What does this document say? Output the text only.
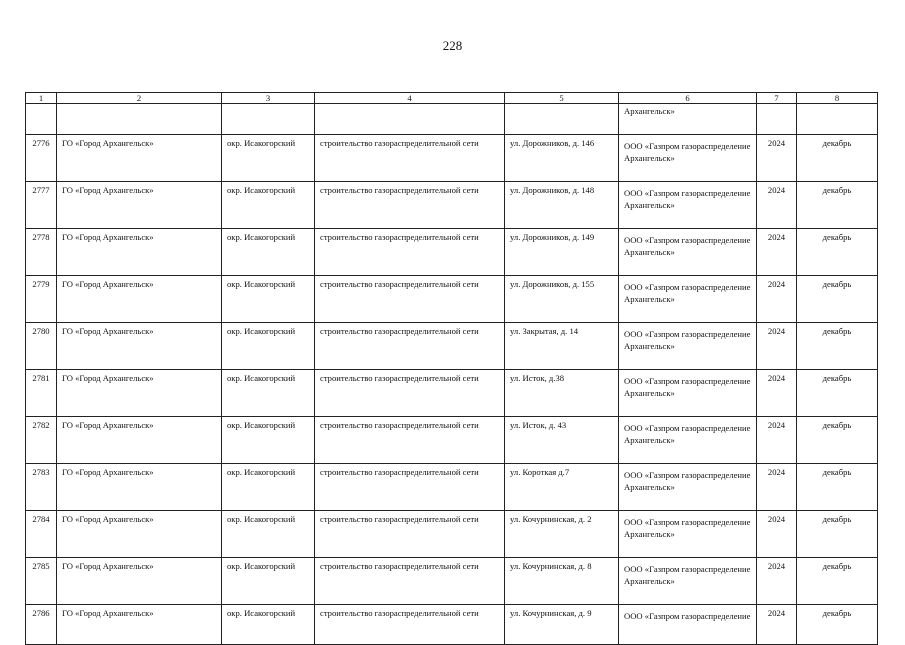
228
1	2	3	4	5	6	7	8
					Архангельск»		
2776	ГО «Город Архангельск»	окр. Исакогорский	строительство газораспределительной сети	ул. Дорожников, д. 146	ООО «Газпром газораспределение Архангельск»	2024	декабрь
2777	ГО «Город Архангельск»	окр. Исакогорский	строительство газораспределительной сети	ул. Дорожников, д. 148	ООО «Газпром газораспределение Архангельск»	2024	декабрь
2778	ГО «Город Архангельск»	окр. Исакогорский	строительство газораспределительной сети	ул. Дорожников, д. 149	ООО «Газпром газораспределение Архангельск»	2024	декабрь
2779	ГО «Город Архангельск»	окр. Исакогорский	строительство газораспределительной сети	ул. Дорожников, д. 155	ООО «Газпром газораспределение Архангельск»	2024	декабрь
2780	ГО «Город Архангельск»	окр. Исакогорский	строительство газораспределительной сети	ул. Закрытая, д. 14	ООО «Газпром газораспределение Архангельск»	2024	декабрь
2781	ГО «Город Архангельск»	окр. Исакогорский	строительство газораспределительной сети	ул. Исток, д.38	ООО «Газпром газораспределение Архангельск»	2024	декабрь
2782	ГО «Город Архангельск»	окр. Исакогорский	строительство газораспределительной сети	ул. Исток, д. 43	ООО «Газпром газораспределение Архангельск»	2024	декабрь
2783	ГО «Город Архангельск»	окр. Исакогорский	строительство газораспределительной сети	ул. Короткая д.7	ООО «Газпром газораспределение Архангельск»	2024	декабрь
2784	ГО «Город Архангельск»	окр. Исакогорский	строительство газораспределительной сети	ул. Кочурнинская, д. 2	ООО «Газпром газораспределение Архангельск»	2024	декабрь
2785	ГО «Город Архангельск»	окр. Исакогорский	строительство газораспределительной сети	ул. Кочурнинская, д. 8	ООО «Газпром газораспределение Архангельск»	2024	декабрь
2786	ГО «Город Архангельск»	окр. Исакогорский	строительство газораспределительной сети	ул. Кочурнинская, д. 9	ООО «Газпром газораспределение	2024	декабрь
